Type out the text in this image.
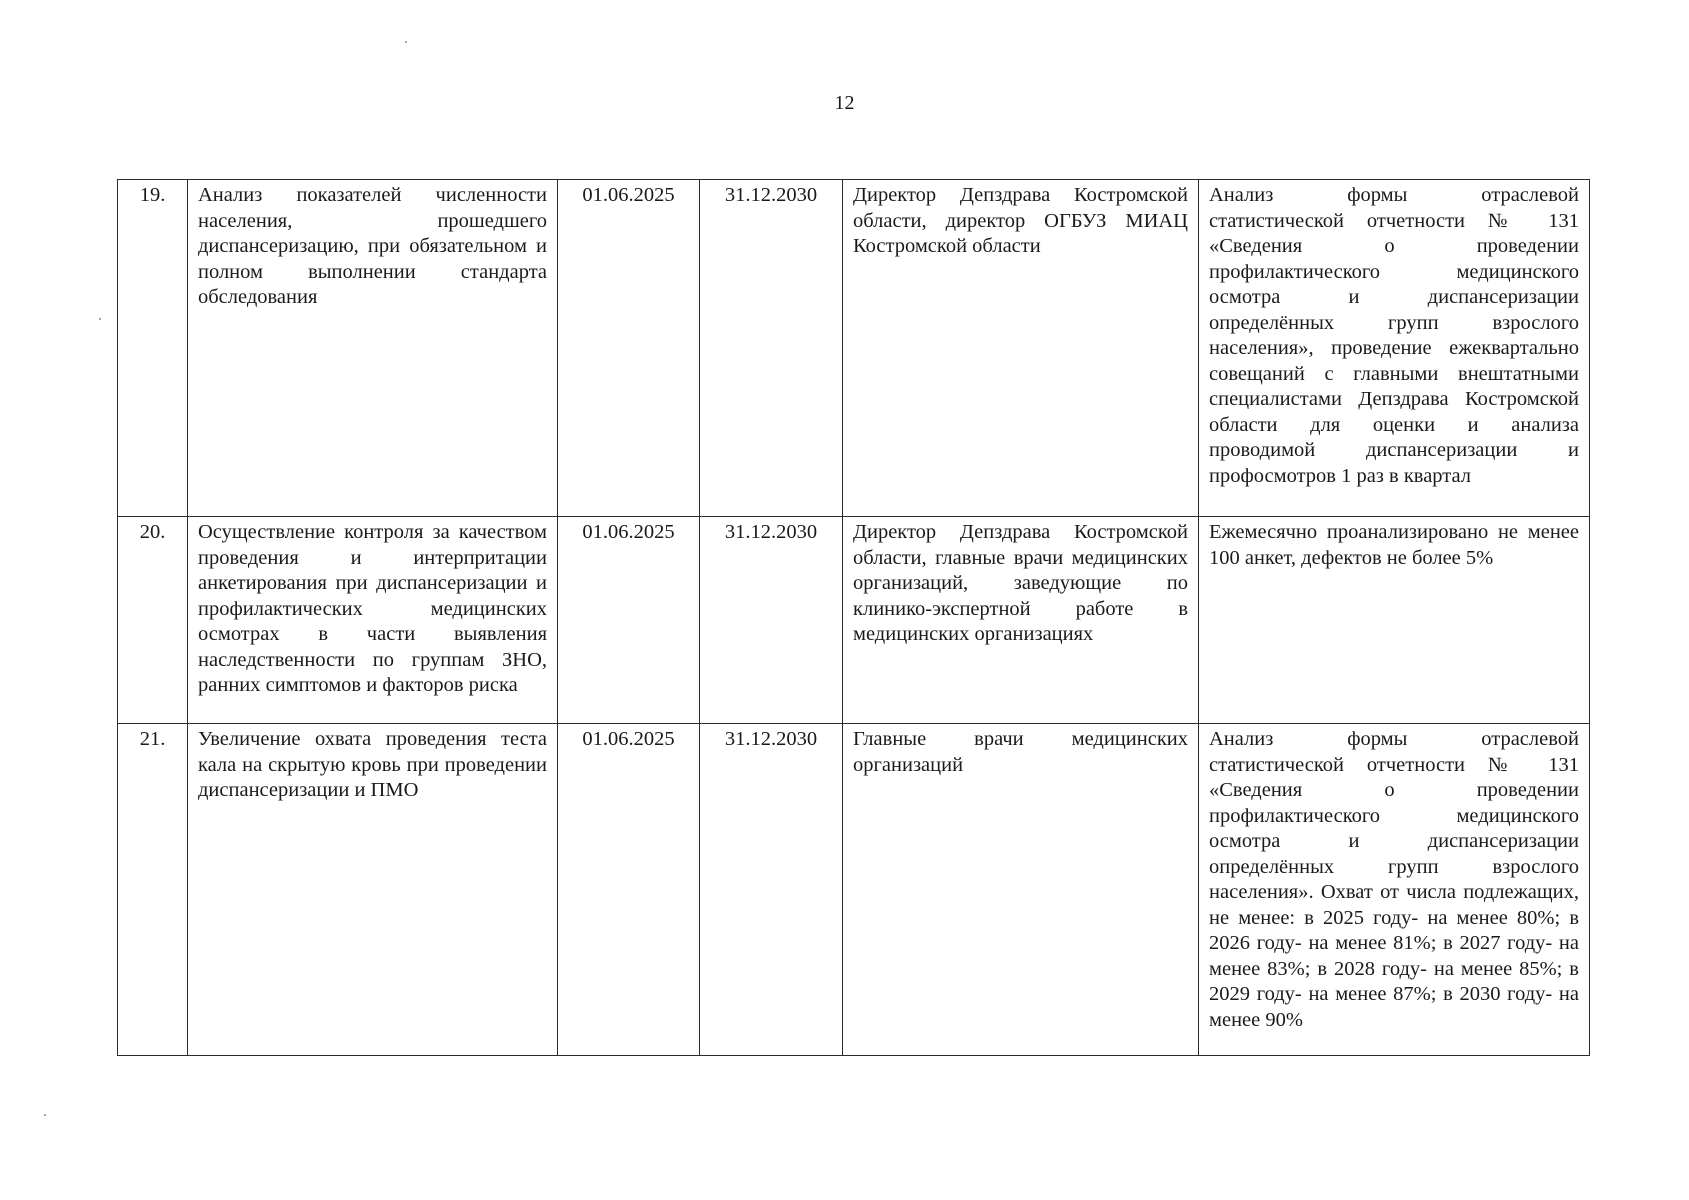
12
19.	Анализ показателей численности населения, прошедшего диспансеризацию, при обязательном и полном выполнении стандарта обследования	01.06.2025	31.12.2030	Директор Депздрава Костромской области, директор ОГБУЗ МИАЦ Костромской области	Анализ формы отраслевой статистической отчетности № 131 «Сведения о проведении профилактического медицинского осмотра и диспансеризации определённых групп взрослого населения», проведение ежеквартально совещаний с главными внештатными специалистами Депздрава Костромской области для оценки и анализа проводимой диспансеризации и профосмотров 1 раз в квартал
20.	Осуществление контроля за качеством проведения и интерпритации анкетирования при диспансеризации и профилактических медицинских осмотрах в части выявления наследственности по группам ЗНО, ранних симптомов и факторов риска	01.06.2025	31.12.2030	Директор Депздрава Костромской области, главные врачи медицинских организаций, заведующие по клинико-экспертной работе в медицинских организациях	Ежемесячно проанализировано не менее 100 анкет, дефектов не более 5%
21.	Увеличение охвата проведения теста кала на скрытую кровь при проведении диспансеризации и ПМО	01.06.2025	31.12.2030	Главные врачи медицинских организаций	Анализ формы отраслевой статистической отчетности № 131 «Сведения о проведении профилактического медицинского осмотра и диспансеризации определённых групп взрослого населения». Охват от числа подлежащих, не менее: в 2025 году- на менее 80%; в 2026 году- на менее 81%; в 2027 году- на менее 83%; в 2028 году- на менее 85%; в 2029 году- на менее 87%; в 2030 году- на менее 90%
